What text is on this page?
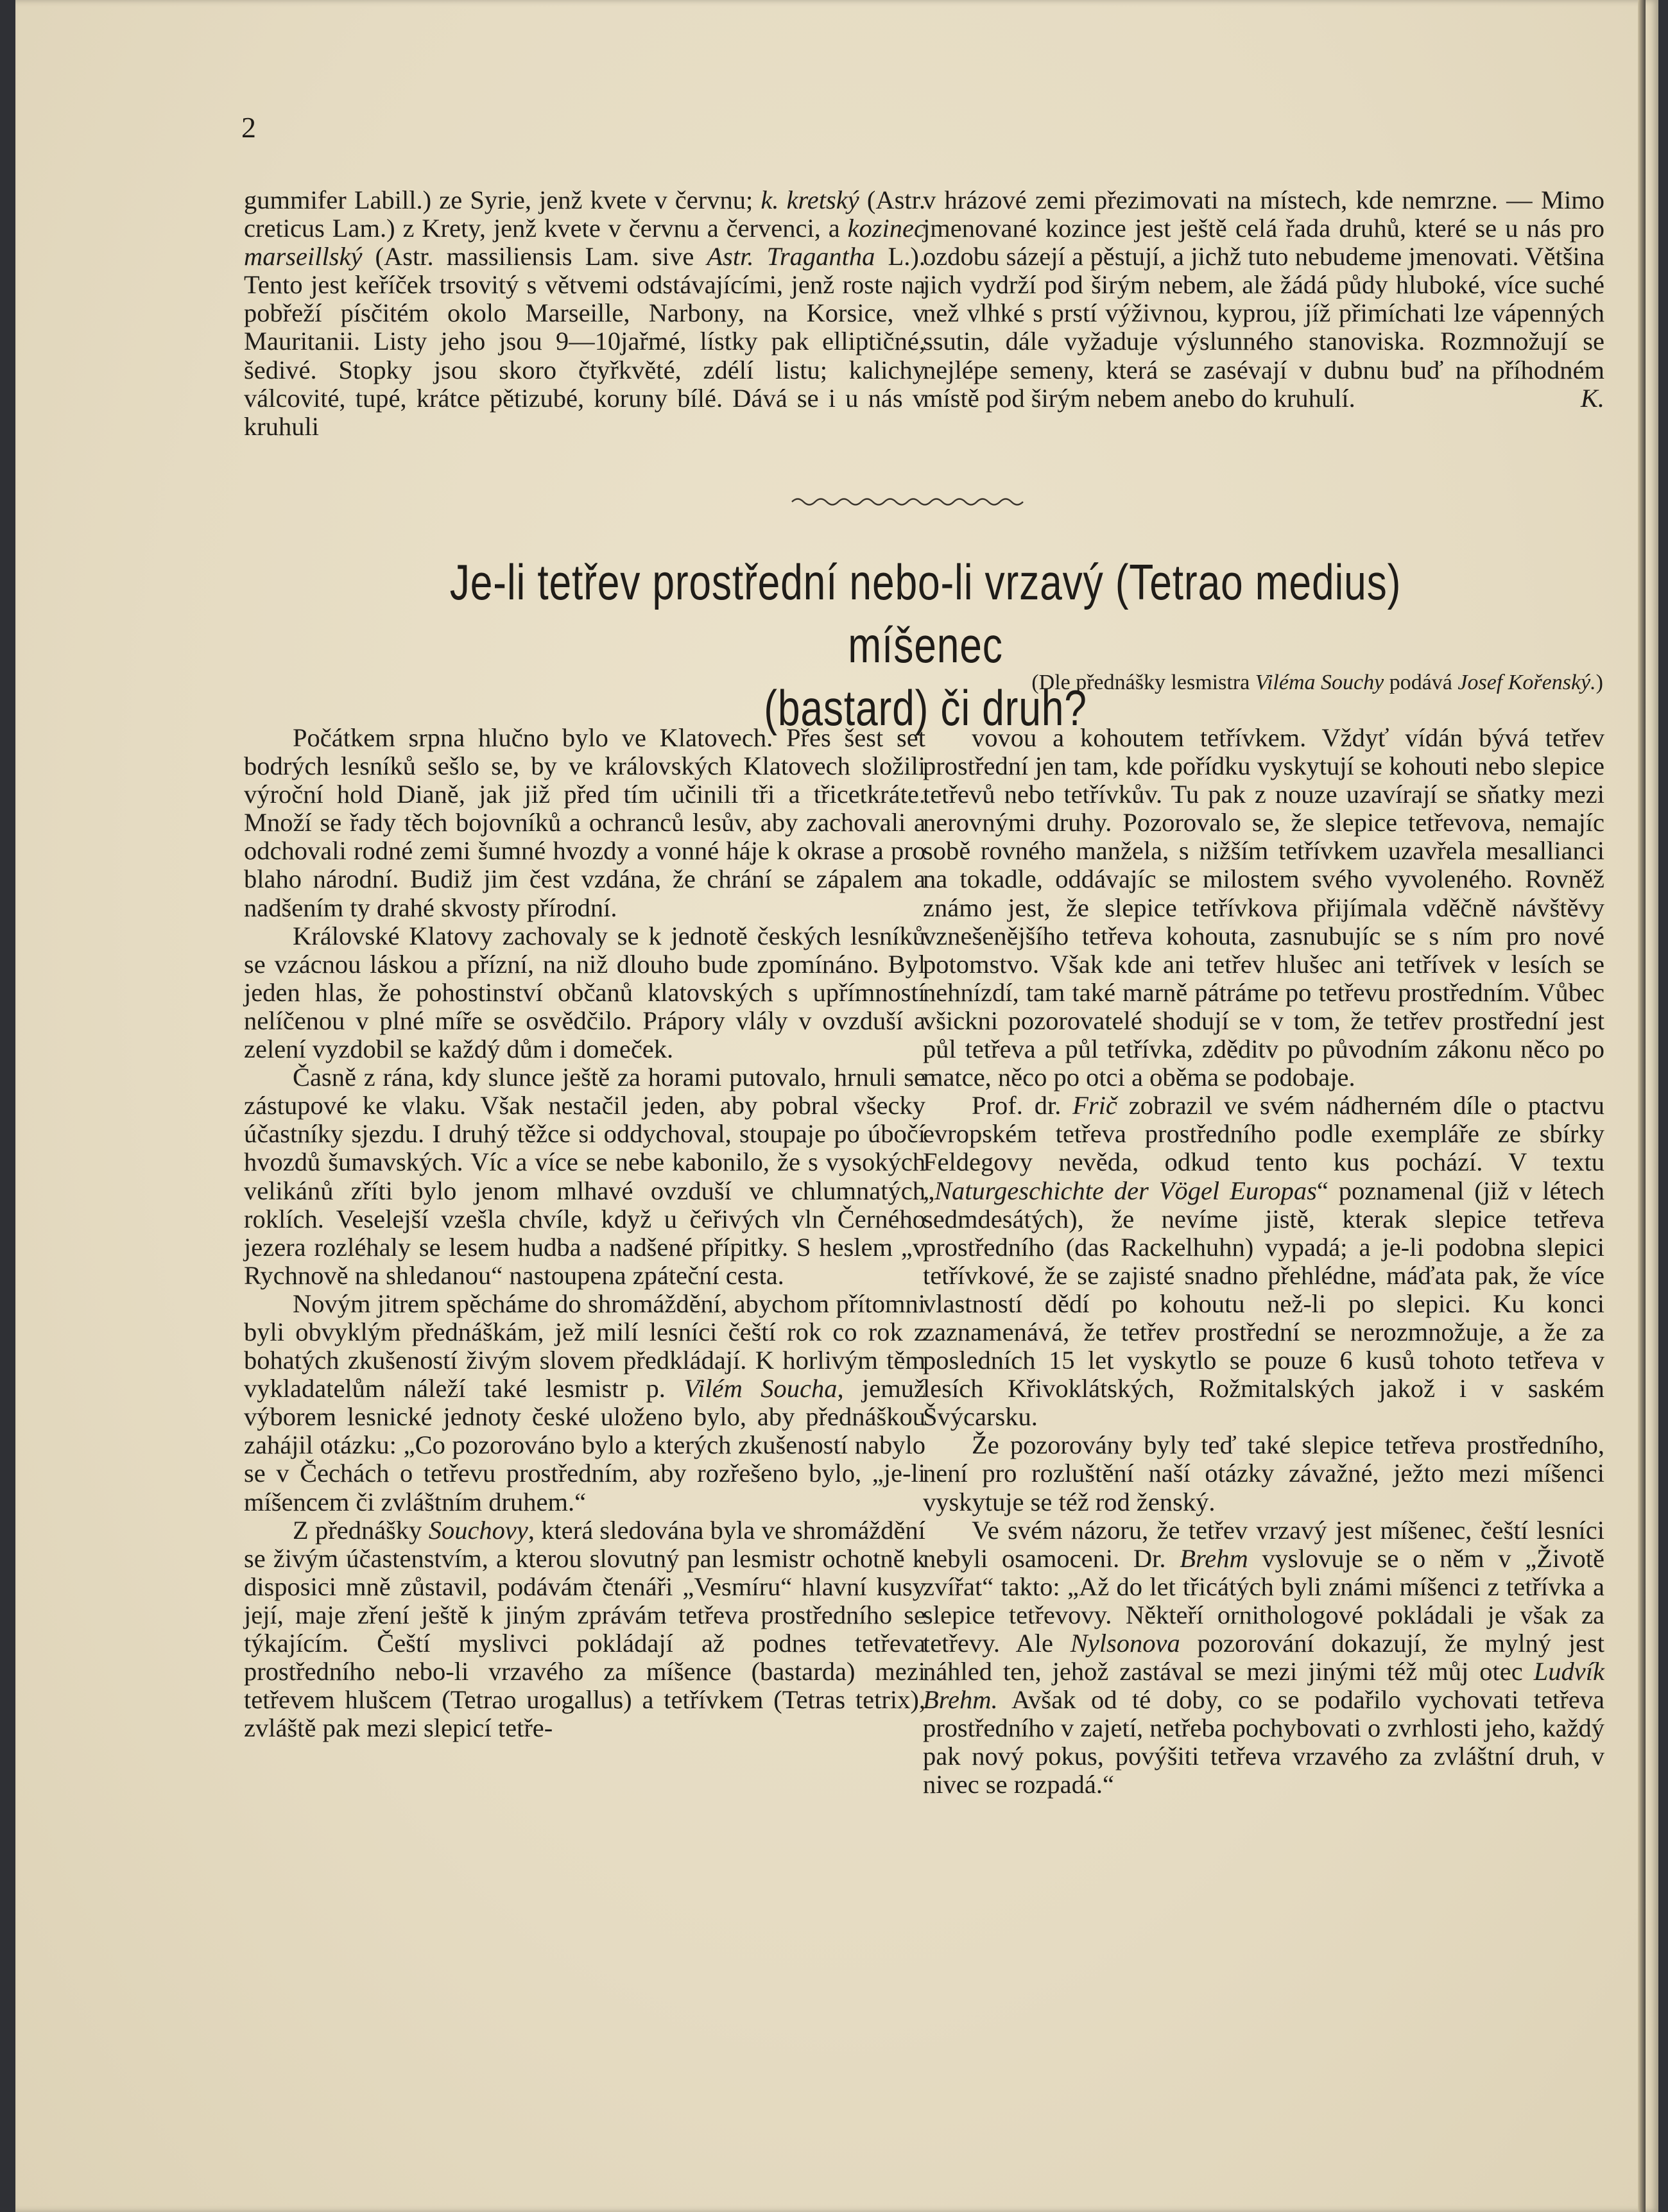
2

gummifer Labill.) ze Syrie, jenž kvete v červnu; k. kretský (Astr. creticus Lam.) z Krety, jenž kvete v červnu a červenci, a kozinec marseillský (Astr. massiliensis Lam. sive Astr. Tragantha L.). Tento jest keříček trsovitý s větvemi odstávajícími, jenž roste na pobřeží písčitém okolo Marseille, Narbony, na Korsice, v Mauritanii. Listy jeho jsou 9—10jařmé, lístky pak elliptičné, šedivé. Stopky jsou skoro čtyřkvěté, zdélí listu; kalichy válcovité, tupé, krátce pětizubé, koruny bílé. Dává se i u nás v kruhuli

v hrázové zemi přezimovati na místech, kde nemrzne. — Mimo jmenované kozince jest ještě celá řada druhů, které se u nás pro ozdobu sázejí a pěstují, a jichž tuto nebudeme jmenovati. Většina jich vydrží pod širým nebem, ale žádá půdy hluboké, více suché než vlhké s prstí výživnou, kyprou, jíž přimíchati lze vápenných ssutin, dále vyžaduje výslunného stanoviska. Rozmnožují se nejlépe semeny, která se zasévají v dubnu buď na příhodném místě pod širým nebem anebo do kruhulí.	K.

Je-li tetřev prostřední nebo-li vrzavý (Tetrao medius) míšenec
(bastard) či druh?
(Dle přednášky lesmistra Viléma Souchy podává Josef Kořenský.)

Počátkem srpna hlučno bylo ve Klatovech. Přes šest set bodrých lesníků sešlo se, by ve královských Klatovech složili výroční hold Dianě, jak již před tím učinili tři a třicetkráte. Množí se řady těch bojovníků a ochranců lesův, aby zachovali a odchovali rodné zemi šumné hvozdy a vonné háje k okrase a pro blaho národní. Budiž jim čest vzdána, že chrání se zápalem a nadšením ty drahé skvosty přírodní.

Královské Klatovy zachovaly se k jednotě českých lesníků se vzácnou láskou a přízní, na niž dlouho bude zpomínáno. Byl jeden hlas, že pohostinství občanů klatovských s upřímností nelíčenou v plné míře se osvědčilo. Prápory vlály v ovzduší a zelení vyzdobil se každý dům i domeček.

Časně z rána, kdy slunce ještě za horami putovalo, hrnuli se zástupové ke vlaku. Však nestačil jeden, aby pobral všecky účastníky sjezdu. I druhý těžce si oddychoval, stoupaje po úbočí hvozdů šumavských. Víc a více se nebe kabonilo, že s vysokých velikánů zříti bylo jenom mlhavé ovzduší ve chlumnatých roklích. Veselejší vzešla chvíle, když u čeřivých vln Černého jezera rozléhaly se lesem hudba a nadšené přípitky. S heslem „v Rychnově na shledanou“ nastoupena zpáteční cesta.

Novým jitrem spěcháme do shromáždění, abychom přítomni byli obvyklým přednáškám, jež milí lesníci čeští rok co rok z bohatých zkušeností živým slovem předkládají. K horlivým těm vykladatelům náleží také lesmistr p. Vilém Soucha, jemuž výborem lesnické jednoty české uloženo bylo, aby přednáškou zahájil otázku: „Co pozorováno bylo a kterých zkušeností nabylo se v Čechách o tetřevu prostředním, aby rozřešeno bylo, „je-li míšencem či zvláštním druhem.“

Z přednášky Souchovy, která sledována byla ve shromáždění se živým účastenstvím, a kterou slovutný pan lesmistr ochotně k disposici mně zůstavil, podávám čtenáři „Vesmíru“ hlavní kusy její, maje zření ještě k jiným zprávám tetřeva prostředního se týkajícím. Čeští myslivci pokládají až podnes tetřeva prostředního nebo-li vrzavého za míšence (bastarda) mezi tetřevem hlušcem (Tetrao urogallus) a tetřívkem (Tetras tetrix), zvláště pak mezi slepicí tetře-

vovou a kohoutem tetřívkem. Vždyť vídán bývá tetřev prostřední jen tam, kde pořídku vyskytují se kohouti nebo slepice tetřevů nebo tetřívkův. Tu pak z nouze uzavírají se sňatky mezi nerovnými druhy. Pozorovalo se, že slepice tetřevova, nemajíc sobě rovného manžela, s nižším tetřívkem uzavřela mesallianci na tokadle, oddávajíc se milostem svého vyvoleného. Rovněž známo jest, že slepice tetřívkova přijímala vděčně návštěvy vznešenějšího tetřeva kohouta, zasnubujíc se s ním pro nové potomstvo. Však kde ani tetřev hlušec ani tetřívek v lesích se nehnízdí, tam také marně pátráme po tetřevu prostředním. Vůbec všickni pozorovatelé shodují se v tom, že tetřev prostřední jest půl tetřeva a půl tetřívka, zděditv po původním zákonu něco po matce, něco po otci a oběma se podobaje.

Prof. dr. Frič zobrazil ve svém nádherném díle o ptactvu evropském tetřeva prostředního podle exempláře ze sbírky Feldegovy nevěda, odkud tento kus pochází. V textu „Naturgeschichte der Vögel Europas“ poznamenal (již v létech sedmdesátých), že nevíme jistě, kterak slepice tetřeva prostředního (das Rackelhuhn) vypadá; a je-li podobna slepici tetřívkové, že se zajisté snadno přehlédne, máďata pak, že více vlastností dědí po kohoutu než-li po slepici. Ku konci zaznamenává, že tetřev prostřední se nerozmnožuje, a že za posledních 15 let vyskytlo se pouze 6 kusů tohoto tetřeva v lesích Křivoklátských, Rožmitalských jakož i v saském Švýcarsku.

Že pozorovány byly teď také slepice tetřeva prostředního, není pro rozluštění naší otázky závažné, ježto mezi míšenci vyskytuje se též rod ženský.

Ve svém názoru, že tetřev vrzavý jest míšenec, čeští lesníci nebyli osamoceni. Dr. Brehm vyslovuje se o něm v „Životě zvířat“ takto: „Až do let třicátých byli známi míšenci z tetřívka a slepice tetřevovy. Někteří ornithologové pokládali je však za tetřevy. Ale Nylsonova pozorování dokazují, že mylný jest náhled ten, jehož zastával se mezi jinými též můj otec Ludvík Brehm. Avšak od té doby, co se podařilo vychovati tetřeva prostředního v zajetí, netřeba pochybovati o zvrhlosti jeho, každý pak nový pokus, povýšiti tetřeva vrzavého za zvláštní druh, v nivec se rozpadá.“
